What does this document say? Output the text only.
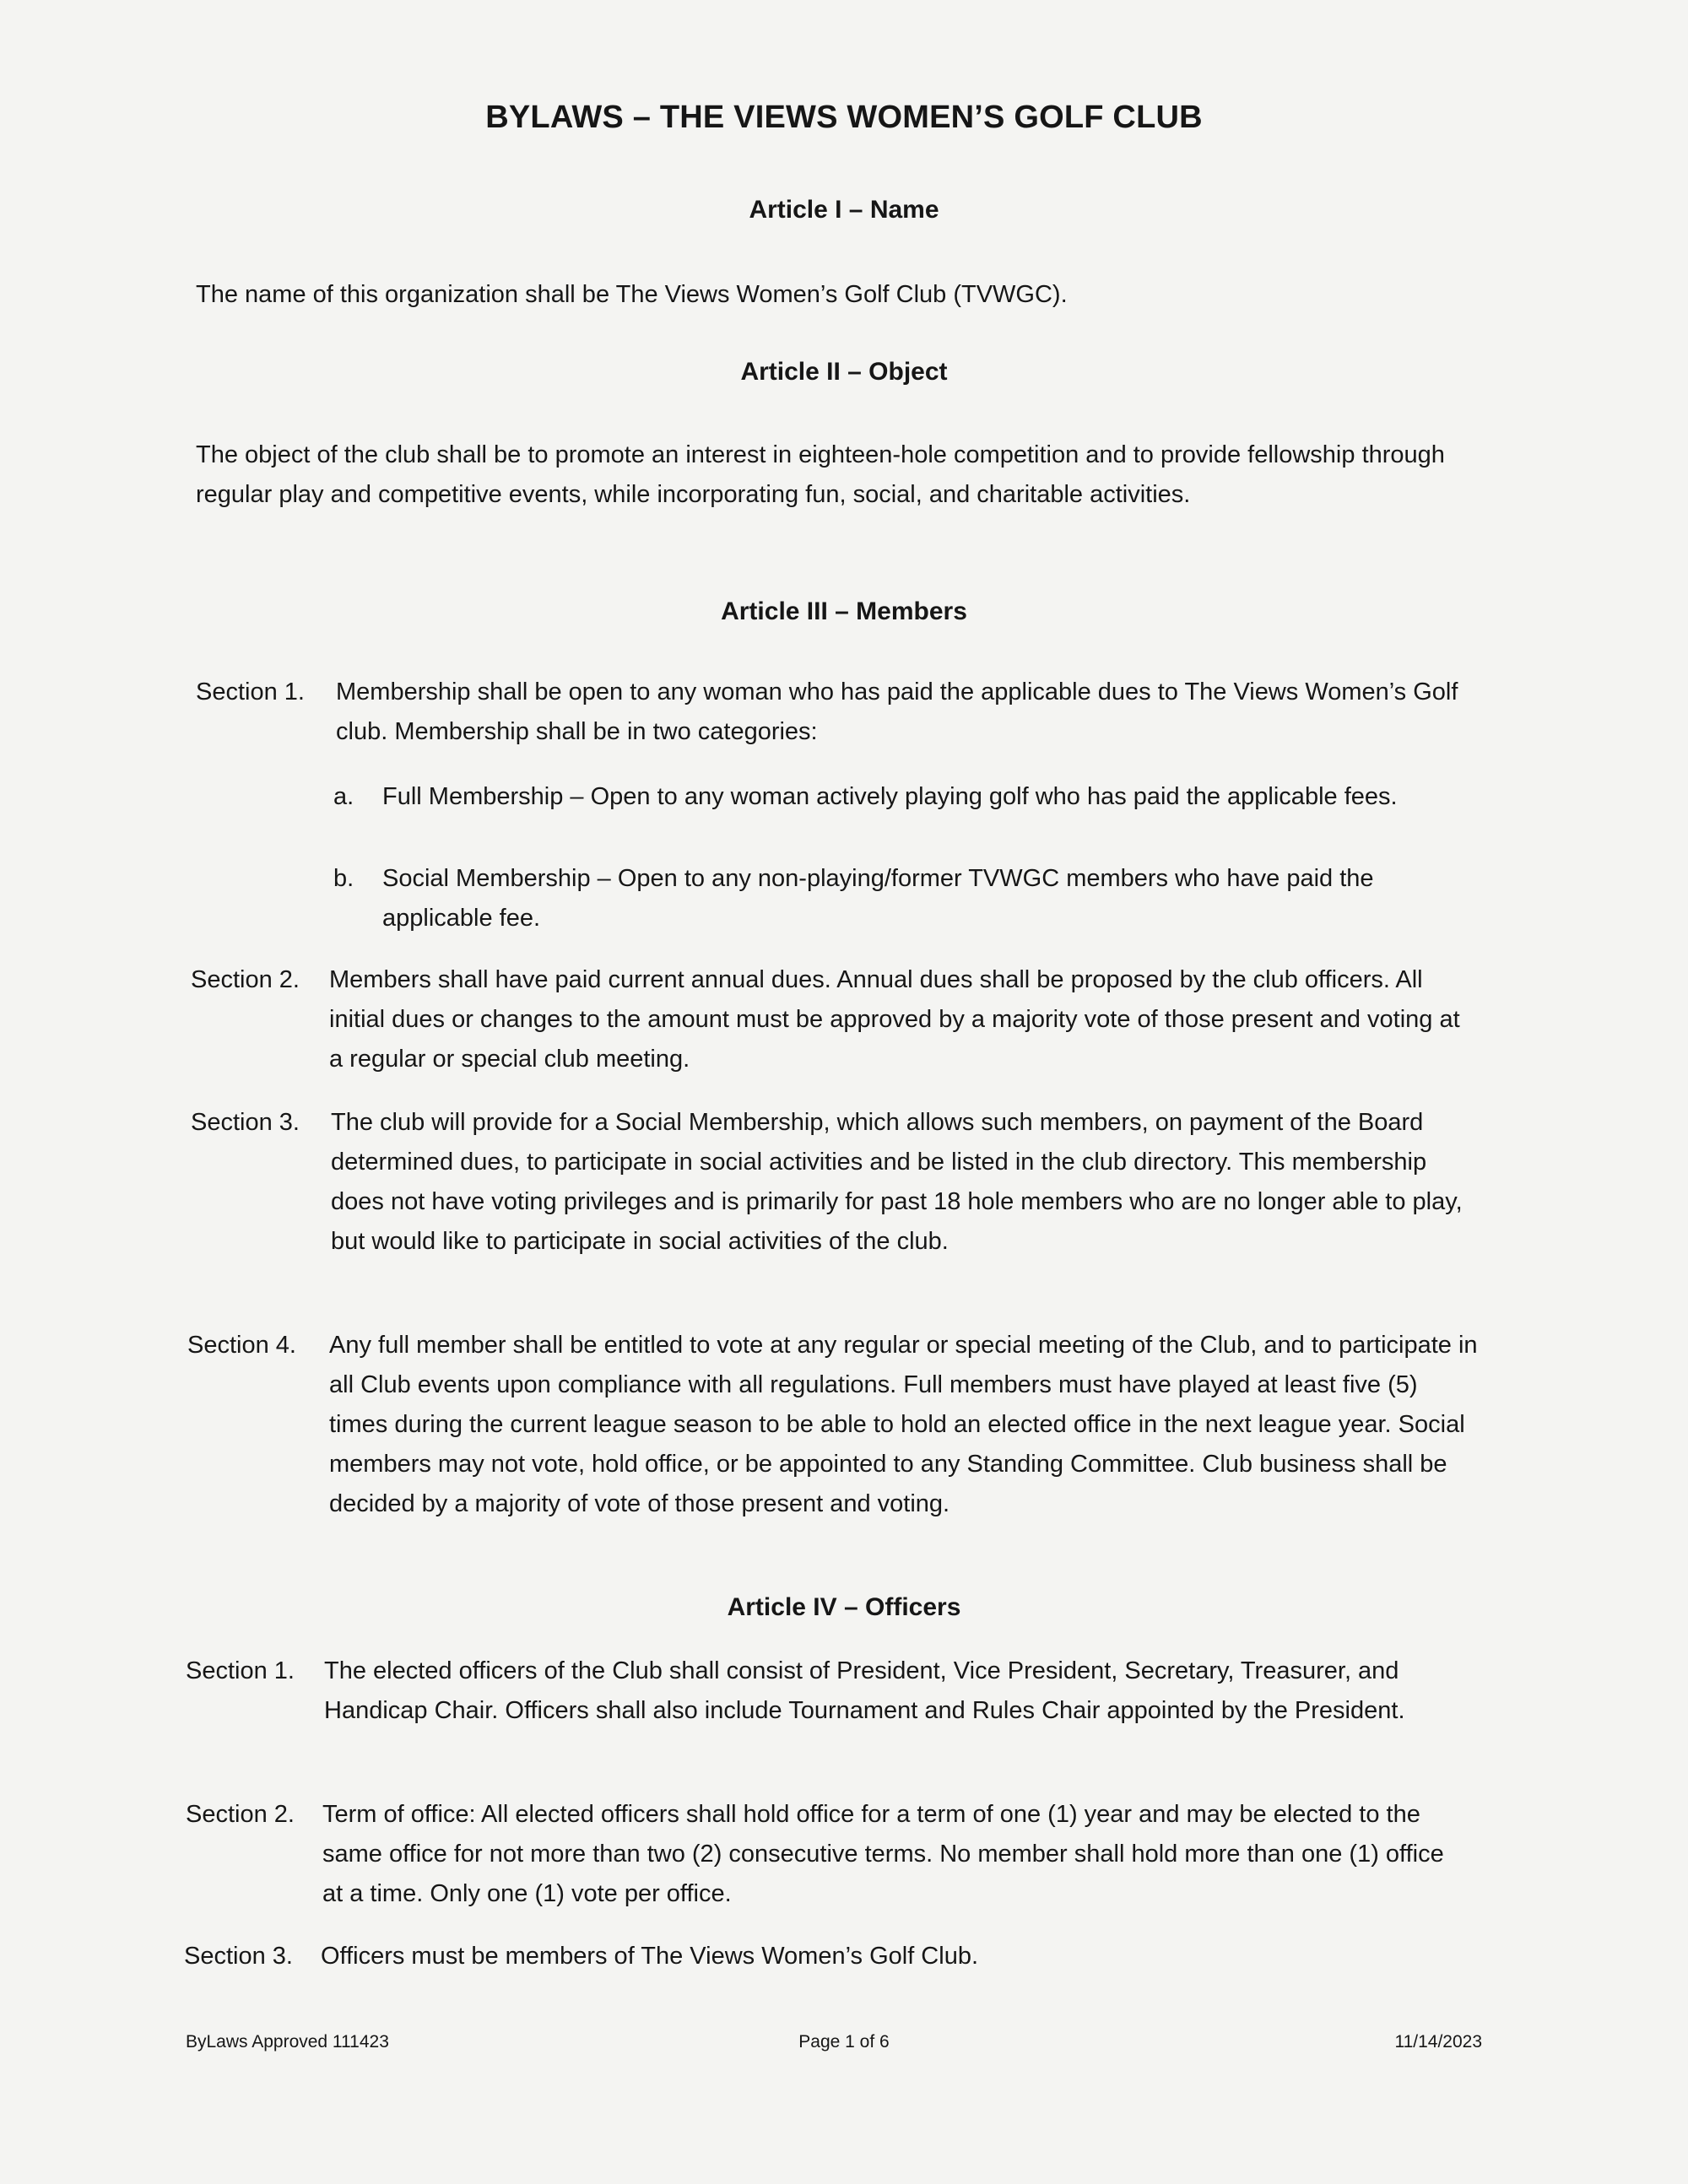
BYLAWS – THE VIEWS WOMEN’S GOLF CLUB
Article I – Name

The name of this organization shall be The Views Women’s Golf Club (TVWGC).

Article II – Object

The object of the club shall be to promote an interest in eighteen-hole competition and to provide fellowship through regular play and competitive events, while incorporating fun, social, and charitable activities.

Article III – Members
Section 1.	Membership shall be open to any woman who has paid the applicable dues to The Views Women’s Golf club. Membership shall be in two categories:
a.	Full Membership – Open to any woman actively playing golf who has paid the applicable fees.
b.	Social Membership – Open to any non-playing/former TVWGC members who have paid the applicable fee.
Section 2.	Members shall have paid current annual dues. Annual dues shall be proposed by the club officers. All initial dues or changes to the amount must be approved by a majority vote of those present and voting at a regular or special club meeting.
Section 3.	The club will provide for a Social Membership, which allows such members, on payment of the Board determined dues, to participate in social activities and be listed in the club directory. This membership does not have voting privileges and is primarily for past 18 hole members who are no longer able to play, but would like to participate in social activities of the club.
Section 4.	Any full member shall be entitled to vote at any regular or special meeting of the Club, and to participate in all Club events upon compliance with all regulations. Full members must have played at least five (5) times during the current league season to be able to hold an elected office in the next league year. Social members may not vote, hold office, or be appointed to any Standing Committee. Club business shall be decided by a majority of vote of those present and voting.
Article IV – Officers
Section 1.	The elected officers of the Club shall consist of President, Vice President, Secretary, Treasurer, and Handicap Chair. Officers shall also include Tournament and Rules Chair appointed by the President.
Section 2.	Term of office: All elected officers shall hold office for a term of one (1) year and may be elected to the same office for not more than two (2) consecutive terms. No member shall hold more than one (1) office at a time. Only one (1) vote per office.
Section 3.	Officers must be members of The Views Women’s Golf Club.
ByLaws Approved 111423	Page 1 of 6	11/14/2023
